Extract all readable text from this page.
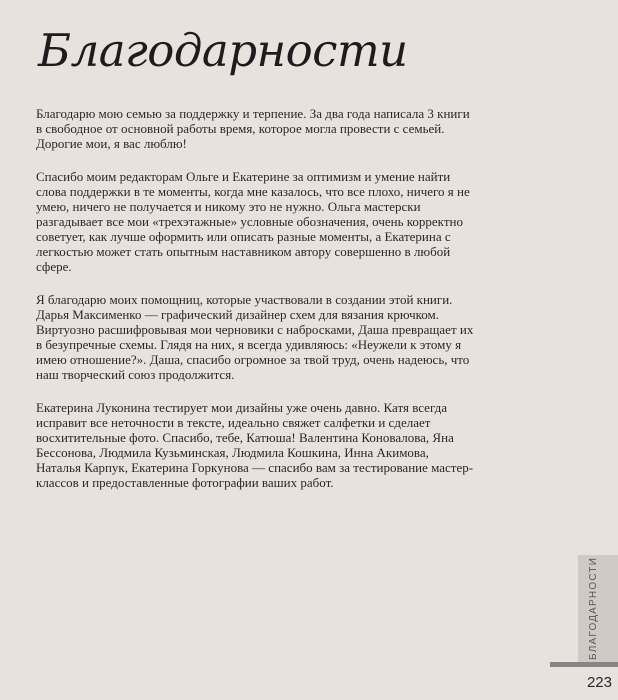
Благодарности

Благодарю мою семью за поддержку и терпение. За два года написала 3 книги в свободное от основной работы время, которое могла провести с семьей. Дорогие мои, я вас люблю!

Спасибо моим редакторам Ольге и Екатерине за оптимизм и умение найти слова поддержки в те моменты, когда мне казалось, что все плохо, ничего я не умею, ничего не получается и никому это не нужно. Ольга мастерски разгадывает все мои «трехэтажные» условные обозначения, очень корректно советует, как лучше оформить или описать разные моменты, а Екатерина с легкостью может стать опытным наставником автору совершенно в любой сфере.

Я благодарю моих помощниц, которые участвовали в создании этой книги. Дарья Максименко — графический дизайнер схем для вязания крючком. Виртуозно расшифровывая мои черновики с набросками, Даша превращает их в безупречные схемы. Глядя на них, я всегда удивляюсь: «Неужели к этому я имею отношение?». Даша, спасибо огромное за твой труд, очень надеюсь, что наш творческий союз продолжится.

Екатерина Луконина тестирует мои дизайны уже очень давно. Катя всегда исправит все неточности в тексте, идеально свяжет салфетки и сделает восхитительные фото. Спасибо, тебе, Катюша! Валентина Коновалова, Яна Бессонова, Людмила Кузьминская, Людмила Кошкина, Инна Акимова, Наталья Карпук, Екатерина Горкунова — спасибо вам за тестирование мастер-классов и предоставленные фотографии ваших работ.

БЛАГОДАРНОСТИ
223
